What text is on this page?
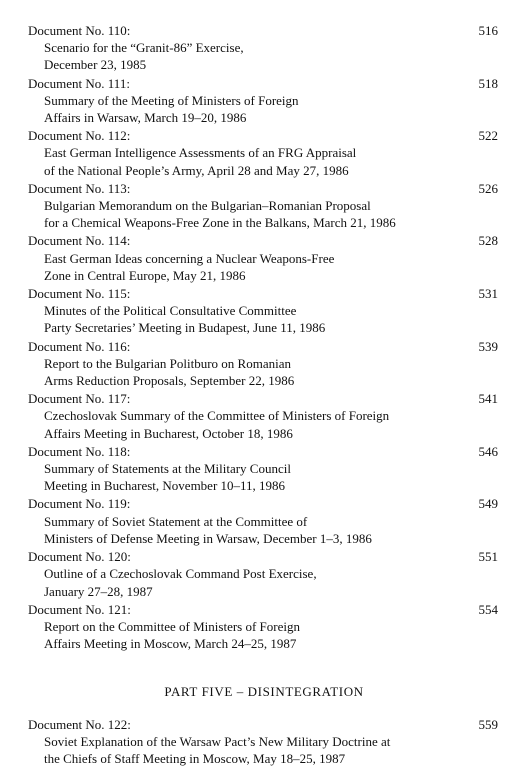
Document No. 110:	516
Scenario for the “Granit-86” Exercise,
December 23, 1985
Document No. 111:	518
Summary of the Meeting of Ministers of Foreign
Affairs in Warsaw, March 19–20, 1986
Document No. 112:	522
East German Intelligence Assessments of an FRG Appraisal
of the National People’s Army, April 28 and May 27, 1986
Document No. 113:	526
Bulgarian Memorandum on the Bulgarian–Romanian Proposal
for a Chemical Weapons-Free Zone in the Balkans, March 21, 1986
Document No. 114:	528
East German Ideas concerning a Nuclear Weapons-Free
Zone in Central Europe, May 21, 1986
Document No. 115:	531
Minutes of the Political Consultative Committee
Party Secretaries’ Meeting in Budapest, June 11, 1986
Document No. 116:	539
Report to the Bulgarian Politburo on Romanian
Arms Reduction Proposals, September 22, 1986
Document No. 117:	541
Czechoslovak Summary of the Committee of Ministers of Foreign
Affairs Meeting in Bucharest, October 18, 1986
Document No. 118:	546
Summary of Statements at the Military Council
Meeting in Bucharest, November 10–11, 1986
Document No. 119:	549
Summary of Soviet Statement at the Committee of
Ministers of Defense Meeting in Warsaw, December 1–3, 1986
Document No. 120:	551
Outline of a Czechoslovak Command Post Exercise,
January 27–28, 1987
Document No. 121:	554
Report on the Committee of Ministers of Foreign
Affairs Meeting in Moscow, March 24–25, 1987
PART FIVE – DISINTEGRATION
Document No. 122:	559
Soviet Explanation of the Warsaw Pact’s New Military Doctrine at
the Chiefs of Staff Meeting in Moscow, May 18–25, 1987
